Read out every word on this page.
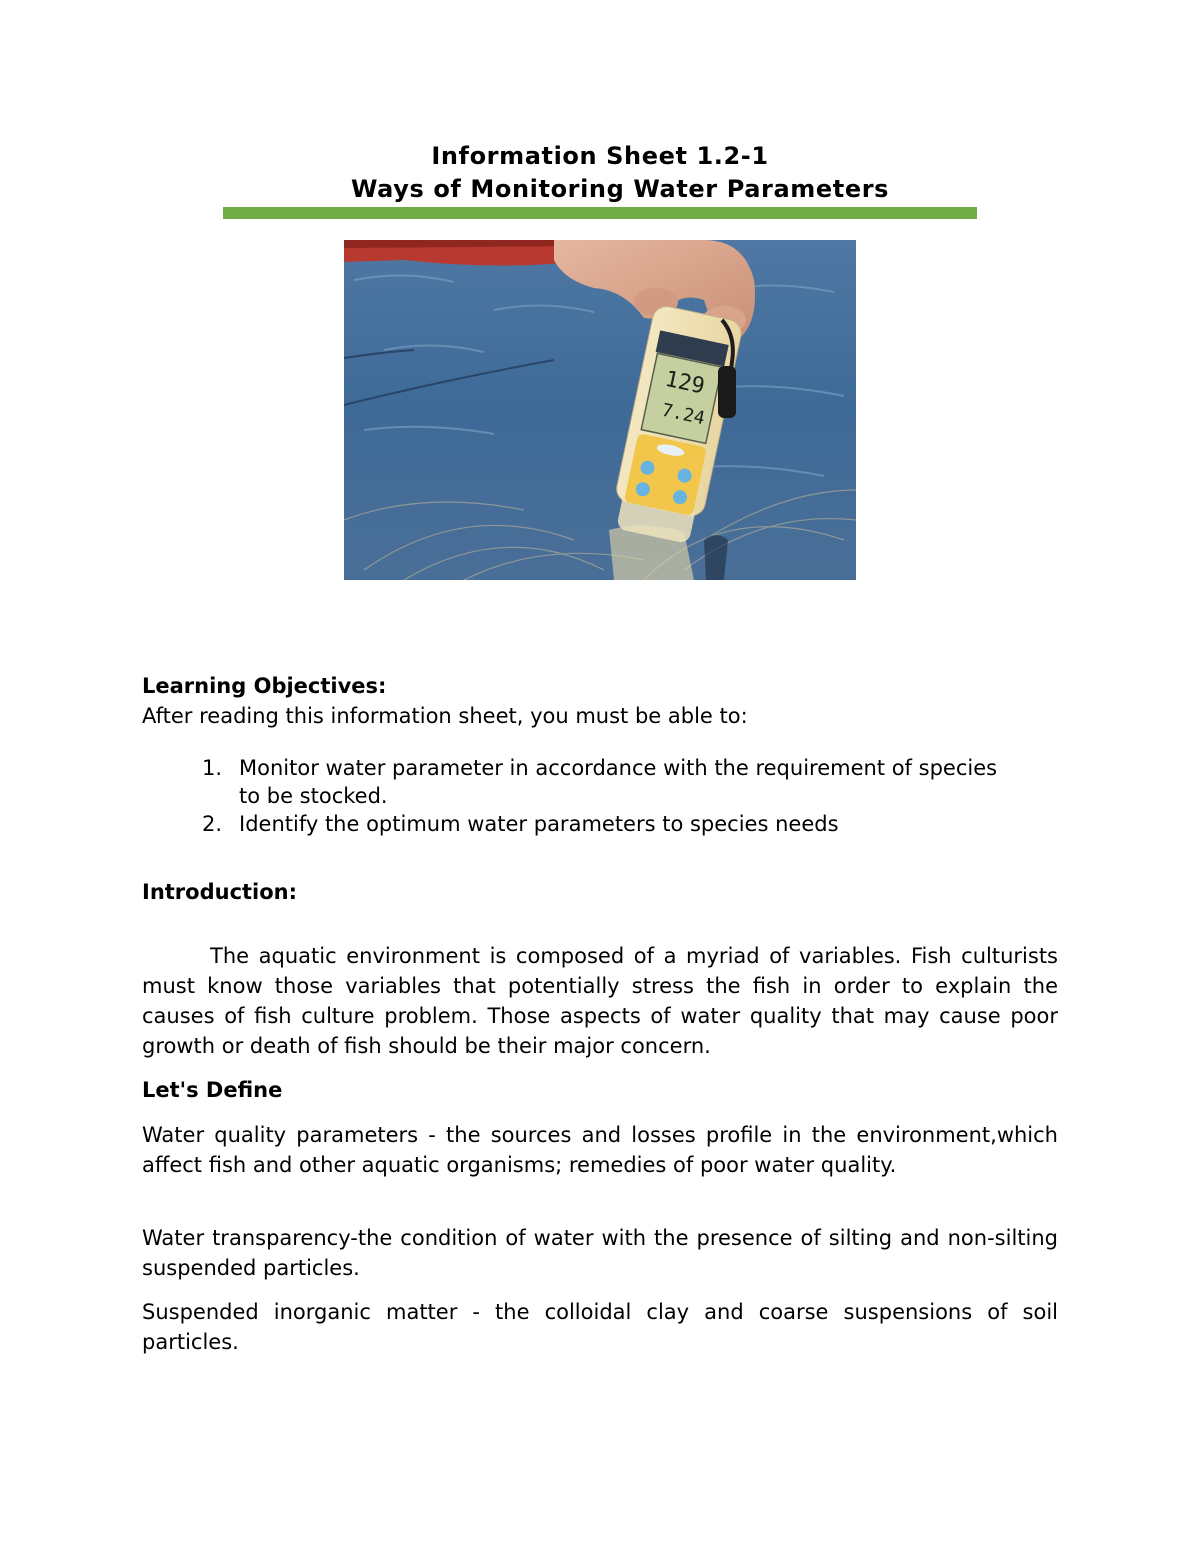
Information Sheet 1.2-1
Ways of Monitoring Water Parameters
129
7.24

Learning Objectives:

After reading this information sheet, you must be able to:

1. Monitor water parameter in accordance with the requirement of species to be stocked.
2. Identify the optimum water parameters to species needs

Introduction:

The aquatic environment is composed of a myriad of variables. Fish culturists must know those variables that potentially stress the fish in order to explain the causes of fish culture problem. Those aspects of water quality that may cause poor growth or death of fish should be their major concern.

Let's Define

Water quality parameters - the sources and losses profile in the environment,which affect fish and other aquatic organisms; remedies of poor water quality.

Water transparency-the condition of water with the presence of silting and non-silting suspended particles.

Suspended inorganic matter - the colloidal clay and coarse suspensions of soil particles.
